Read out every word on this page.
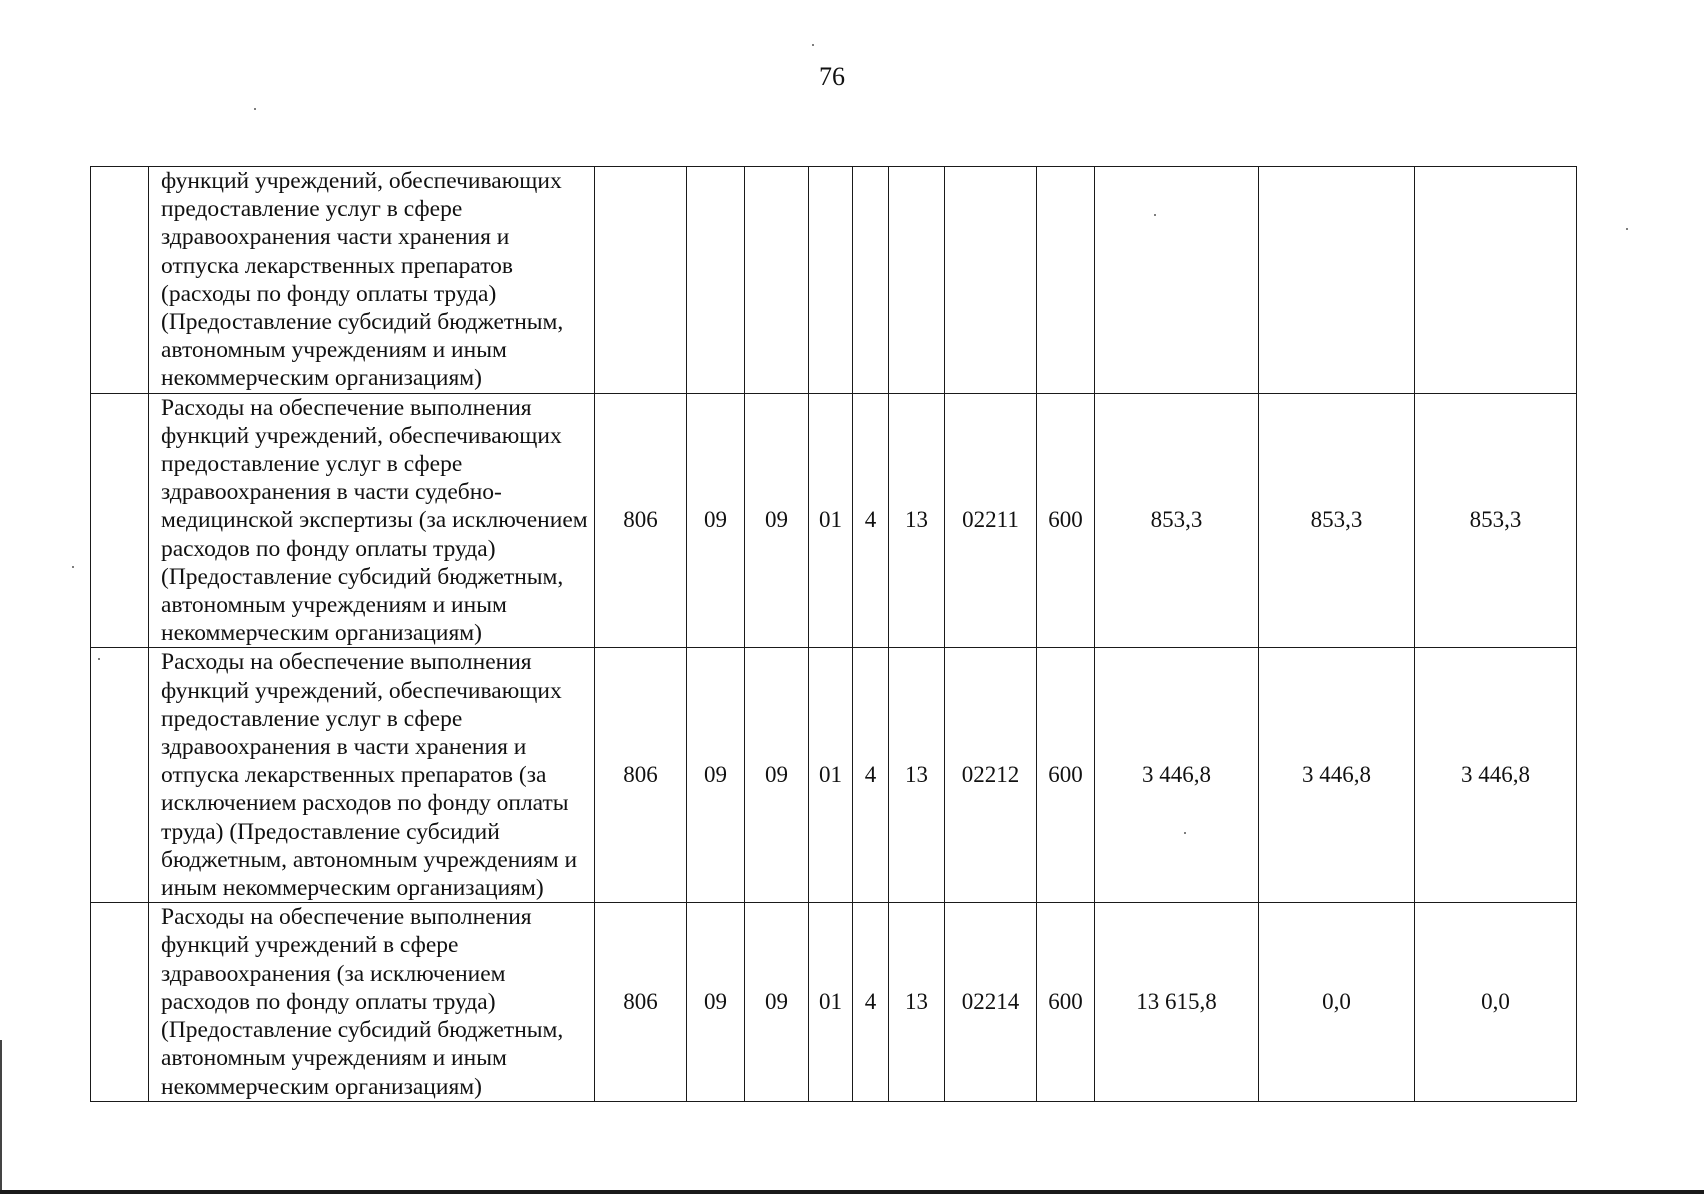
76
	функций учреждений, обеспечивающих предоставление услуг в сфере здравоохранения части хранения и отпуска лекарственных препаратов (расходы по фонду оплаты труда) (Предоставление субсидий бюджетным, автономным учреждениям и иным некоммерческим организациям)											
	Расходы на обеспечение выполнения функций учреждений, обеспечивающих предоставление услуг в сфере здравоохранения в части судебно-медицинской экспертизы (за исключением расходов по фонду оплаты труда) (Предоставление субсидий бюджетным, автономным учреждениям и иным некоммерческим организациям)	806	09	09	01	4	13	02211	600	853,3	853,3	853,3
	Расходы на обеспечение выполнения функций учреждений, обеспечивающих предоставление услуг в сфере здравоохранения в части хранения и отпуска лекарственных препаратов (за исключением расходов по фонду оплаты труда) (Предоставление субсидий бюджетным, автономным учреждениям и иным некоммерческим организациям)	806	09	09	01	4	13	02212	600	3 446,8	3 446,8	3 446,8
	Расходы на обеспечение выполнения функций учреждений в сфере здравоохранения (за исключением расходов по фонду оплаты труда) (Предоставление субсидий бюджетным, автономным учреждениям и иным некоммерческим организациям)	806	09	09	01	4	13	02214	600	13 615,8	0,0	0,0
